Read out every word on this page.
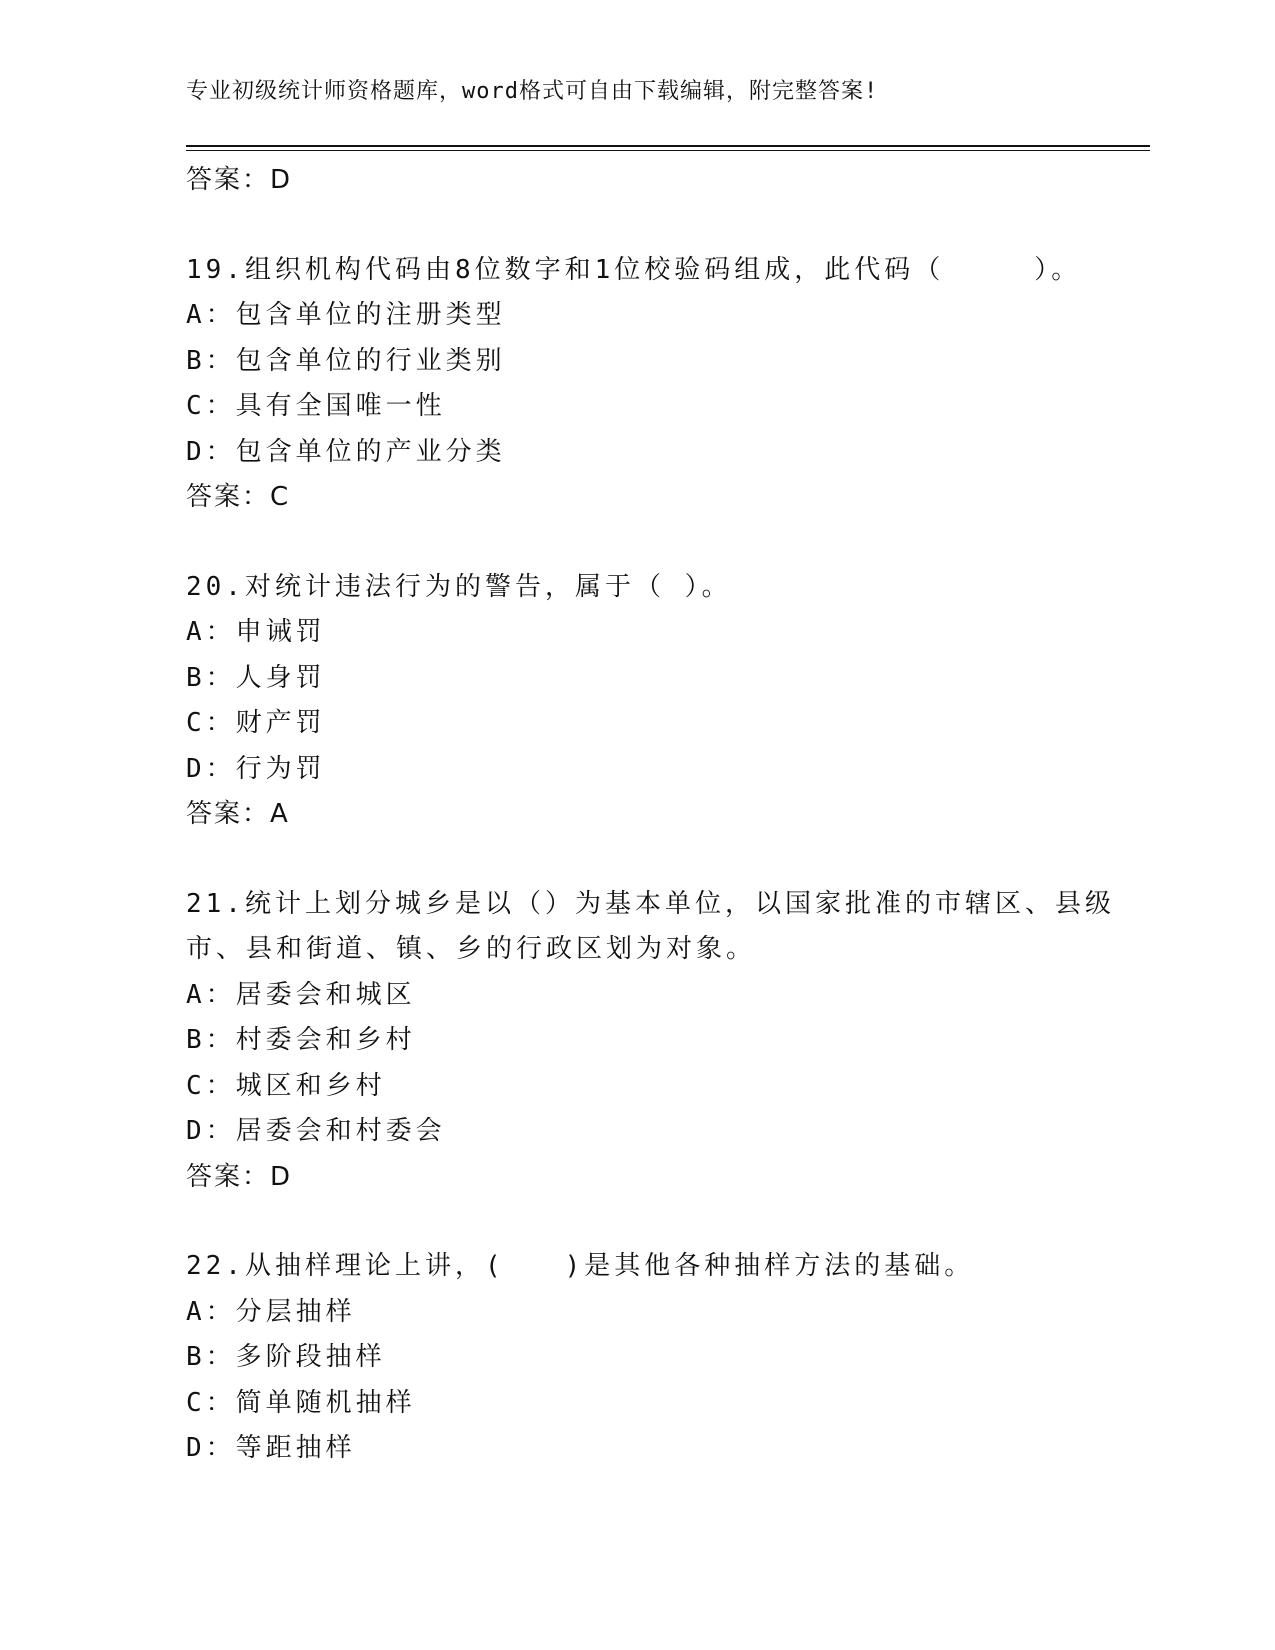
专业初级统计师资格题库，word格式可自由下载编辑，附完整答案!
答案：D
19.组织机构代码由8位数字和1位校验码组成，此代码（　　　）。
A：包含单位的注册类型
B：包含单位的行业类别
C：具有全国唯一性
D：包含单位的产业分类
答案：C
20.对统计违法行为的警告，属于（ ）。
A：申诫罚
B：人身罚
C：财产罚
D：行为罚
答案：A
21.统计上划分城乡是以（）为基本单位，以国家批准的市辖区、县级
市、县和街道、镇、乡的行政区划为对象。
A：居委会和城区
B：村委会和乡村
C：城区和乡村
D：居委会和村委会
答案：D
22.从抽样理论上讲，(　　)是其他各种抽样方法的基础。
A：分层抽样
B：多阶段抽样
C：简单随机抽样
D：等距抽样
